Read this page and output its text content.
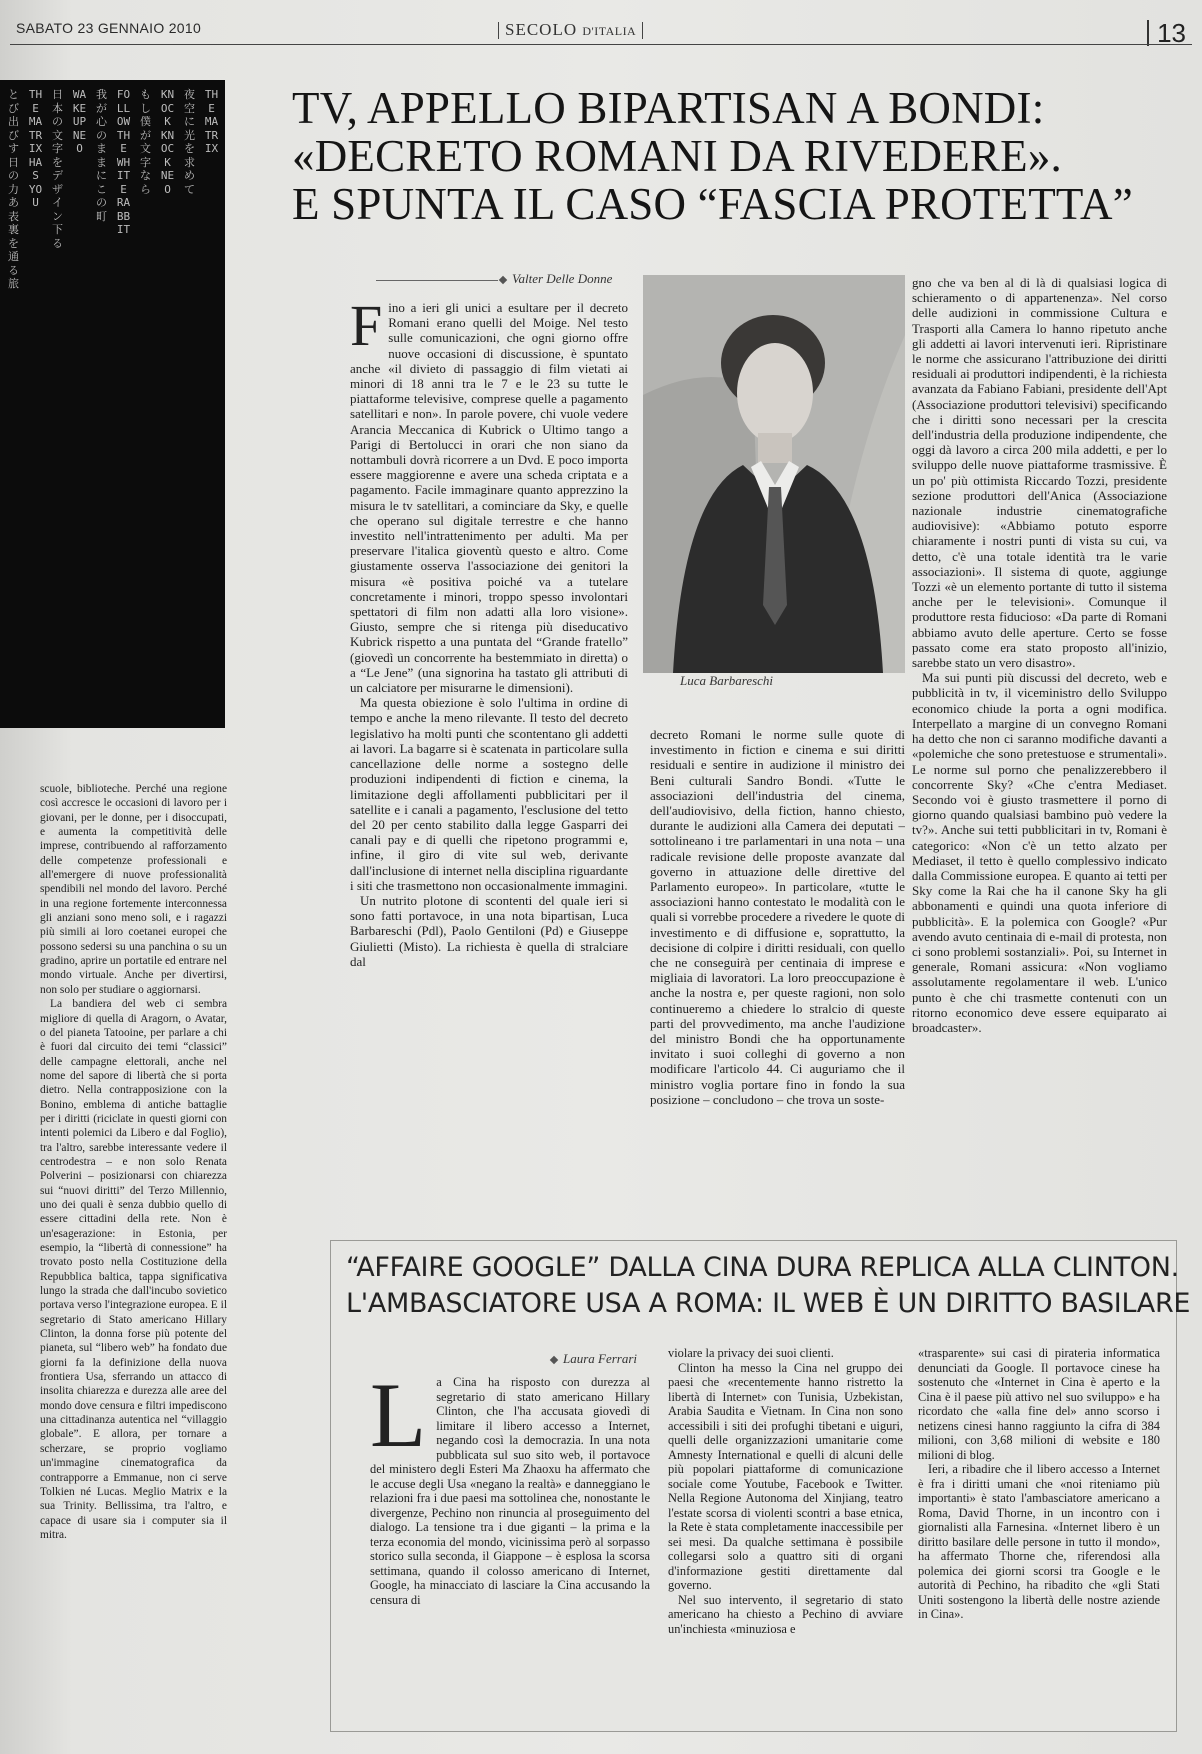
SABATO 23 GENNAIO 2010	SECOLO D'ITALIA	13
とび出びす日の力あ表裏を通る旅
THE MATRIX HAS YOU
日本の文字をデザイン下る
WAKE UP NEO
我が心のままにこの町
FOLLOW THE WHITE RABBIT
もし僕が文字なら
KNOCK KNOCK NEO
夜空に光を求めて
THE MATRIX
TV, APPELLO BIPARTISAN A BONDI:
«DECRETO ROMANI DA RIVEDERE».
E SPUNTA IL CASO “FASCIA PROTETTA”
Valter Delle Donne

Fino a ieri gli unici a esultare per il decreto Romani erano quelli del Moige. Nel testo sulle comunicazioni, che ogni giorno offre nuove occasioni di discussione, è spuntato anche «il divieto di passaggio di film vietati ai minori di 18 anni tra le 7 e le 23 su tutte le piattaforme televisive, comprese quelle a pagamento satellitari e non». In parole povere, chi vuole vedere Arancia Meccanica di Kubrick o Ultimo tango a Parigi di Bertolucci in orari che non siano da nottambuli dovrà ricorrere a un Dvd. E poco importa essere maggiorenne e avere una scheda criptata e a pagamento. Facile immaginare quanto apprezzino la misura le tv satellitari, a cominciare da Sky, e quelle che operano sul digitale terrestre e che hanno investito nell'intrattenimento per adulti. Ma per preservare l'italica gioventù questo e altro. Come giustamente osserva l'associazione dei genitori la misura «è positiva poiché va a tutelare concretamente i minori, troppo spesso involontari spettatori di film non adatti alla loro visione». Giusto, sempre che si ritenga più diseducativo Kubrick rispetto a una puntata del “Grande fratello” (giovedì un concorrente ha bestemmiato in diretta) o a “Le Jene” (una signorina ha tastato gli attributi di un calciatore per misurarne le dimensioni).

Ma questa obiezione è solo l'ultima in ordine di tempo e anche la meno rilevante. Il testo del decreto legislativo ha molti punti che scontentano gli addetti ai lavori. La bagarre si è scatenata in particolare sulla cancellazione delle norme a sostegno delle produzioni indipendenti di fiction e cinema, la limitazione degli affollamenti pubblicitari per il satellite e i canali a pagamento, l'esclusione del tetto del 20 per cento stabilito dalla legge Gasparri dei canali pay e di quelli che ripetono programmi e, infine, il giro di vite sul web, derivante dall'inclusione di internet nella disciplina riguardante i siti che trasmettono non occasionalmente immagini.

Un nutrito plotone di scontenti del quale ieri si sono fatti portavoce, in una nota bipartisan, Luca Barbareschi (Pdl), Paolo Gentiloni (Pd) e Giuseppe Giulietti (Misto). La richiesta è quella di stralciare dal

Luca Barbareschi

decreto Romani le norme sulle quote di investimento in fiction e cinema e sui diritti residuali e sentire in audizione il ministro dei Beni culturali Sandro Bondi. «Tutte le associazioni dell'industria del cinema, dell'audiovisivo, della fiction, hanno chiesto, durante le audizioni alla Camera dei deputati – sottolineano i tre parlamentari in una nota – una radicale revisione delle proposte avanzate dal governo in attuazione delle direttive del Parlamento europeo». In particolare, «tutte le associazioni hanno contestato le modalità con le quali si vorrebbe procedere a rivedere le quote di investimento e di diffusione e, soprattutto, la decisione di colpire i diritti residuali, con quello che ne conseguirà per centinaia di imprese e migliaia di lavoratori. La loro preoccupazione è anche la nostra e, per queste ragioni, non solo continueremo a chiedere lo stralcio di queste parti del provvedimento, ma anche l'audizione del ministro Bondi che ha opportunamente invitato i suoi colleghi di governo a non modificare l'articolo 44. Ci auguriamo che il ministro voglia portare fino in fondo la sua posizione – concludono – che trova un soste-

gno che va ben al di là di qualsiasi logica di schieramento o di appartenenza». Nel corso delle audizioni in commissione Cultura e Trasporti alla Camera lo hanno ripetuto anche gli addetti ai lavori intervenuti ieri. Ripristinare le norme che assicurano l'attribuzione dei diritti residuali ai produttori indipendenti, è la richiesta avanzata da Fabiano Fabiani, presidente dell'Apt (Associazione produttori televisivi) specificando che i diritti sono necessari per la crescita dell'industria della produzione indipendente, che oggi dà lavoro a circa 200 mila addetti, e per lo sviluppo delle nuove piattaforme trasmissive. È un po' più ottimista Riccardo Tozzi, presidente sezione produttori dell'Anica (Associazione nazionale industrie cinematografiche audiovisive): «Abbiamo potuto esporre chiaramente i nostri punti di vista su cui, va detto, c'è una totale identità tra le varie associazioni». Il sistema di quote, aggiunge Tozzi «è un elemento portante di tutto il sistema anche per le televisioni». Comunque il produttore resta fiducioso: «Da parte di Romani abbiamo avuto delle aperture. Certo se fosse passato come era stato proposto all'inizio, sarebbe stato un vero disastro».

Ma sui punti più discussi del decreto, web e pubblicità in tv, il viceministro dello Sviluppo economico chiude la porta a ogni modifica. Interpellato a margine di un convegno Romani ha detto che non ci saranno modifiche davanti a «polemiche che sono pretestuose e strumentali». Le norme sul porno che penalizzerebbero il concorrente Sky? «Che c'entra Mediaset. Secondo voi è giusto trasmettere il porno di giorno quando qualsiasi bambino può vedere la tv?». Anche sui tetti pubblicitari in tv, Romani è categorico: «Non c'è un tetto alzato per Mediaset, il tetto è quello complessivo indicato dalla Commissione europea. E quanto ai tetti per Sky come la Rai che ha il canone Sky ha gli abbonamenti e quindi una quota inferiore di pubblicità». E la polemica con Google? «Pur avendo avuto centinaia di e-mail di protesta, non ci sono problemi sostanziali». Poi, su Internet in generale, Romani assicura: «Non vogliamo assolutamente regolamentare il web. L'unico punto è che chi trasmette contenuti con un ritorno economico deve essere equiparato ai broadcaster».

scuole, biblioteche. Perché una regione così accresce le occasioni di lavoro per i giovani, per le donne, per i disoccupati, e aumenta la competitività delle imprese, contribuendo al rafforzamento delle competenze professionali e all'emergere di nuove professionalità spendibili nel mondo del lavoro. Perché in una regione fortemente interconnessa gli anziani sono meno soli, e i ragazzi più simili ai loro coetanei europei che possono sedersi su una panchina o su un gradino, aprire un portatile ed entrare nel mondo virtuale. Anche per divertirsi, non solo per studiare o aggiornarsi.

La bandiera del web ci sembra migliore di quella di Aragorn, o Avatar, o del pianeta Tatooine, per parlare a chi è fuori dal circuito dei temi “classici” delle campagne elettorali, anche nel nome del sapore di libertà che si porta dietro. Nella contrapposizione con la Bonino, emblema di antiche battaglie per i diritti (riciclate in questi giorni con intenti polemici da Libero e dal Foglio), tra l'altro, sarebbe interessante vedere il centrodestra – e non solo Renata Polverini – posizionarsi con chiarezza sui “nuovi diritti” del Terzo Millennio, uno dei quali è senza dubbio quello di essere cittadini della rete. Non è un'esagerazione: in Estonia, per esempio, la “libertà di connessione” ha trovato posto nella Costituzione della Repubblica baltica, tappa significativa lungo la strada che dall'incubo sovietico portava verso l'integrazione europea. E il segretario di Stato americano Hillary Clinton, la donna forse più potente del pianeta, sul “libero web” ha fondato due giorni fa la definizione della nuova frontiera Usa, sferrando un attacco di insolita chiarezza e durezza alle aree del mondo dove censura e filtri impediscono una cittadinanza autentica nel “villaggio globale”. E allora, per tornare a scherzare, se proprio vogliamo un'immagine cinematografica da contrapporre a Emmanue, non ci serve Tolkien né Lucas. Meglio Matrix e la sua Trinity. Bellissima, tra l'altro, e capace di usare sia i computer sia il mitra.

“AFFAIRE GOOGLE” DALLA CINA DURA REPLICA ALLA CLINTON.
L'AMBASCIATORE USA A ROMA: IL WEB È UN DIRITTO BASILARE
Laura Ferrari

La Cina ha risposto con durezza al segretario di stato americano Hillary Clinton, che l'ha accusata giovedì di limitare il libero accesso a Internet, negando così la democrazia. In una nota pubblicata sul suo sito web, il portavoce del ministero degli Esteri Ma Zhaoxu ha affermato che le accuse degli Usa «negano la realtà» e danneggiano le relazioni fra i due paesi ma sottolinea che, nonostante le divergenze, Pechino non rinuncia al proseguimento del dialogo. La tensione tra i due giganti – la prima e la terza economia del mondo, vicinissima però al sorpasso storico sulla seconda, il Giappone – è esplosa la scorsa settimana, quando il colosso americano di Internet, Google, ha minacciato di lasciare la Cina accusando la censura di

violare la privacy dei suoi clienti.

Clinton ha messo la Cina nel gruppo dei paesi che «recentemente hanno ristretto la libertà di Internet» con Tunisia, Uzbekistan, Arabia Saudita e Vietnam. In Cina non sono accessibili i siti dei profughi tibetani e uiguri, quelli delle organizzazioni umanitarie come Amnesty International e quelli di alcuni delle più popolari piattaforme di comunicazione sociale come Youtube, Facebook e Twitter. Nella Regione Autonoma del Xinjiang, teatro l'estate scorsa di violenti scontri a base etnica, la Rete è stata completamente inaccessibile per sei mesi. Da qualche settimana è possibile collegarsi solo a quattro siti di organi d'informazione gestiti direttamente dal governo.

Nel suo intervento, il segretario di stato americano ha chiesto a Pechino di avviare un'inchiesta «minuziosa e

«trasparente» sui casi di pirateria informatica denunciati da Google. Il portavoce cinese ha sostenuto che «Internet in Cina è aperto e la Cina è il paese più attivo nel suo sviluppo» e ha ricordato che «alla fine del» anno scorso i netizens cinesi hanno raggiunto la cifra di 384 milioni, con 3,68 milioni di website e 180 milioni di blog.

Ieri, a ribadire che il libero accesso a Internet è fra i diritti umani che «noi riteniamo più importanti» è stato l'ambasciatore americano a Roma, David Thorne, in un incontro con i giornalisti alla Farnesina. «Internet libero è un diritto basilare delle persone in tutto il mondo», ha affermato Thorne che, riferendosi alla polemica dei giorni scorsi tra Google e le autorità di Pechino, ha ribadito che «gli Stati Uniti sostengono la libertà delle nostre aziende in Cina».
